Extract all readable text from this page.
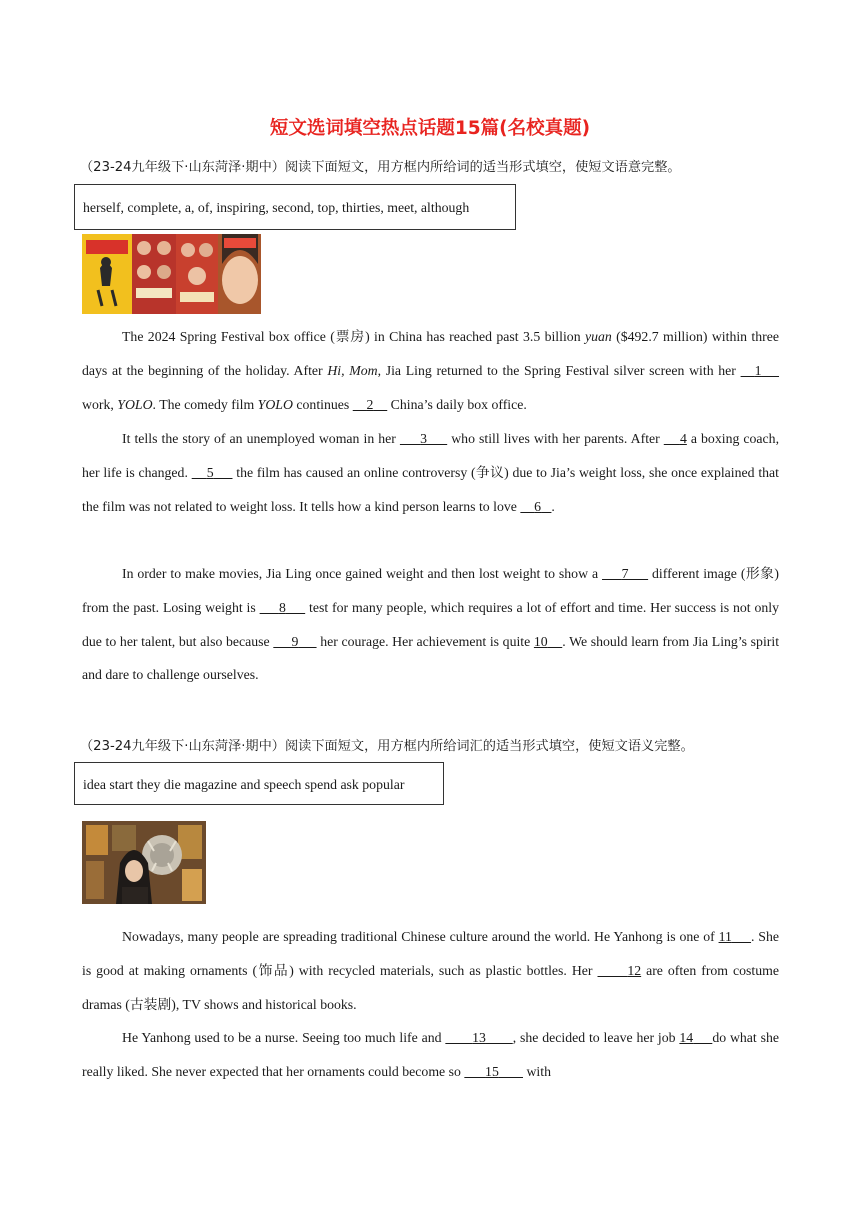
短文选词填空热点话题15篇(名校真题)
（23-24九年级下·山东菏泽·期中）阅读下面短文，用方框内所给词的适当形式填空，使短文语意完整。
herself, complete, a, of, inspiring, second, top, thirties, meet, although

The 2024 Spring Festival box office (票房) in China has reached past 3.5 billion yuan ($492.7 million) within three days at the beginning of the holiday. After Hi, Mom, Jia Ling returned to the Spring Festival silver screen with her    1     work, YOLO. The comedy film YOLO continues     2     China’s daily box office.

It tells the story of an unemployed woman in her      3      who still lives with her parents. After     4 a boxing coach, her life is changed.     5      the film has caused an online controversy (争议) due to Jia’s weight loss, she once explained that the film was not related to weight loss. It tells how a kind person learns to love     6 .

In order to make movies, Jia Ling once gained weight and then lost weight to show a      7      different image (形象) from the past. Losing weight is      8      test for many people, which requires a lot of effort and time. Her success is not only due to her talent, but also because      9      her courage. Her achievement is quite 10 . We should learn from Jia Ling’s spirit and dare to challenge ourselves.

（23-24九年级下·山东菏泽·期中）阅读下面短文，用方框内所给词汇的适当形式填空，使短文语义完整。
idea start they die magazine and speech spend ask popular

Nowadays, many people are spreading traditional Chinese culture around the world. He Yanhong is one of 11 . She is good at making ornaments (饰品) with recycled materials, such as plastic bottles. Her       12 are often from costume dramas (古装剧), TV shows and historical books.

He Yanhong used to be a nurse. Seeing too much life and        13 , she decided to leave her job 14 do what she really liked. She never expected that her ornaments could become so       15        with
